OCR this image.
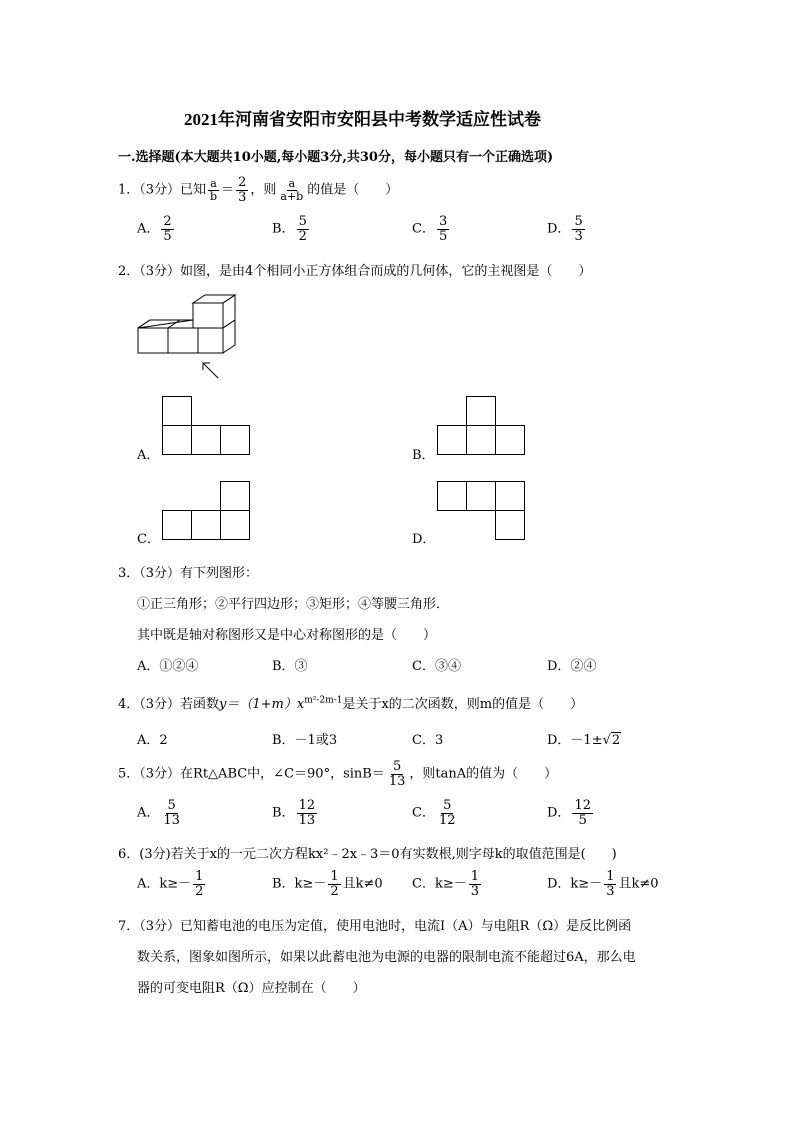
2021年河南省安阳市安阳县中考数学适应性试卷
一.选择题(本大题共10小题,每小题3分,共30分，每小题只有一个正确选项)
1．（3分）已知 $\frac{a}{b} = \frac{2}{3}$ ，则 $\frac{a}{a+b}$ 的值是（　　）
A． $\frac{2}{5}$	B． $\frac{5}{2}$	C． $\frac{3}{5}$	D． $\frac{5}{3}$
2．（3分）如图，是由4个相同小正方体组合而成的几何体，它的主视图是（　　）
A．	B．
C．	D．
3．（3分）有下列图形：
①正三角形；②平行四边形；③矩形；④等腰三角形．
其中既是轴对称图形又是中心对称图形的是（　　）
A．①②④	B．③	C．③④	D．②④
4．（3分）若函数$y=(1+m)x^{m^2-2m-1}$是关于x的二次函数，则m的值是（　　）
A．2	B．－1或3	C．3	D．－1±√2
5．（3分）在Rt△ABC中，∠C＝90°，$\sin B= \frac{5}{13}$ ，则tanA的值为（　　）
A． $\frac{5}{13}$	B． $\frac{12}{13}$	C． $\frac{5}{12}$	D． $\frac{12}{5}$
6．(3分)若关于x的一元二次方程kx²﹣2x﹣3＝0有实数根,则字母k的取值范围是(　　)
A．$k\ge- \frac{1}{2}$	B．$k\ge- \frac{1}{2}$ 且k≠0 C．$k\ge- \frac{1}{3}$	D．$k\ge- \frac{1}{3}$ 且k≠0
7．（3分）已知蓄电池的电压为定值，使用电池时，电流I（A）与电阻R（Ω）是反比例函
数关系，图象如图所示，如果以此蓄电池为电源的电器的限制电流不能超过6A，那么电
器的可变电阻R（Ω）应控制在（　　）
